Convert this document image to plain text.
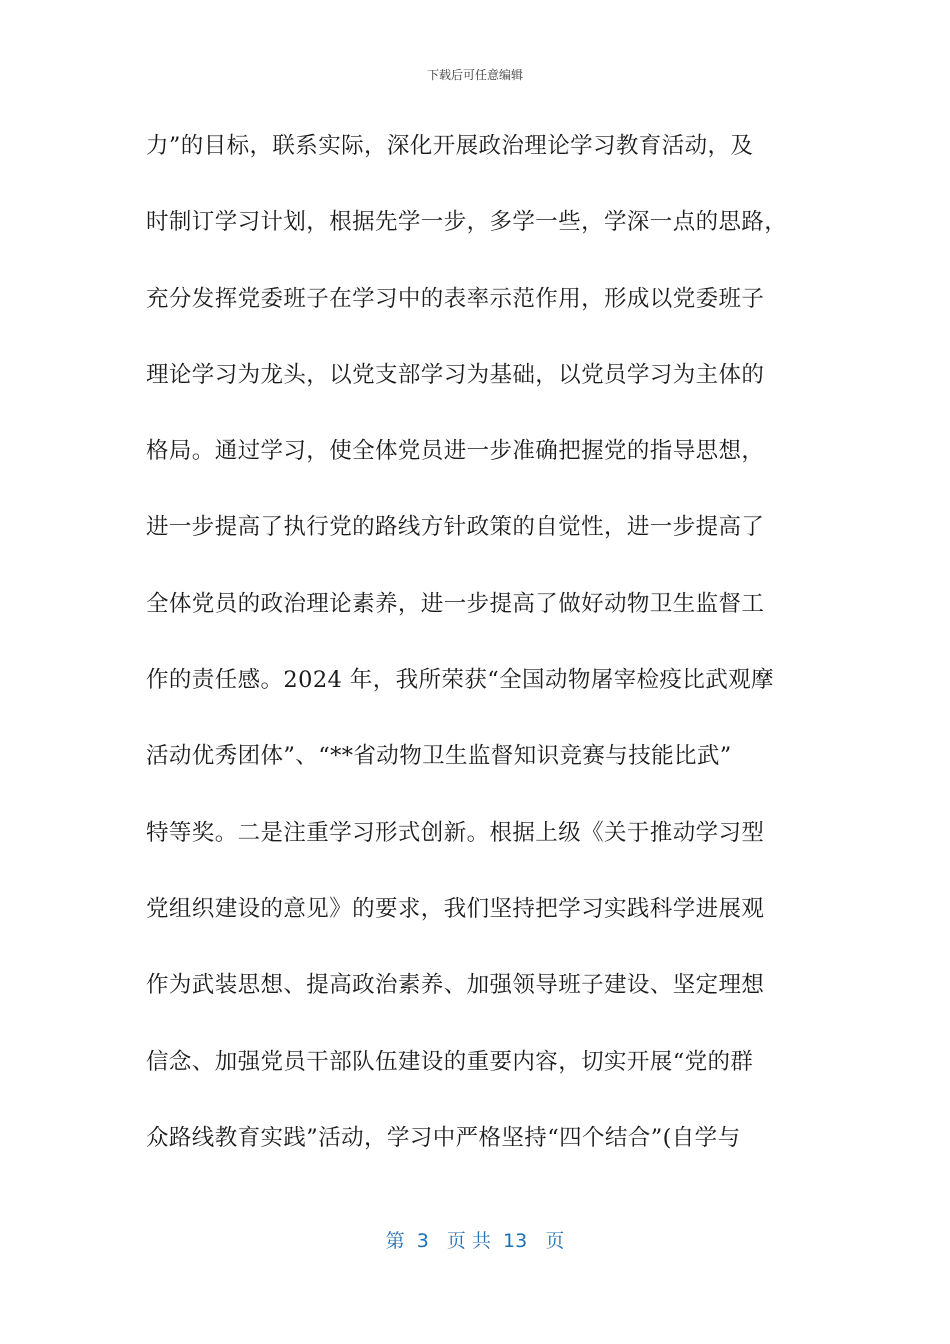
下载后可任意编辑
力”的目标，联系实际，深化开展政治理论学习教育活动，及
时制订学习计划，根据先学一步，多学一些，学深一点的思路，
充分发挥党委班子在学习中的表率示范作用，形成以党委班子
理论学习为龙头，以党支部学习为基础，以党员学习为主体的
格局。通过学习，使全体党员进一步准确把握党的指导思想，
进一步提高了执行党的路线方针政策的自觉性，进一步提高了
全体党员的政治理论素养，进一步提高了做好动物卫生监督工
作的责任感。2024 年，我所荣获“全国动物屠宰检疫比武观摩
活动优秀团体”、“**省动物卫生监督知识竞赛与技能比武”
特等奖。二是注重学习形式创新。根据上级《关于推动学习型
党组织建设的意见》的要求，我们坚持把学习实践科学进展观
作为武装思想、提高政治素养、加强领导班子建设、坚定理想
信念、加强党员干部队伍建设的重要内容，切实开展“党的群
众路线教育实践”活动，学习中严格坚持“四个结合”(自学与
第  3   页 共  13   页
